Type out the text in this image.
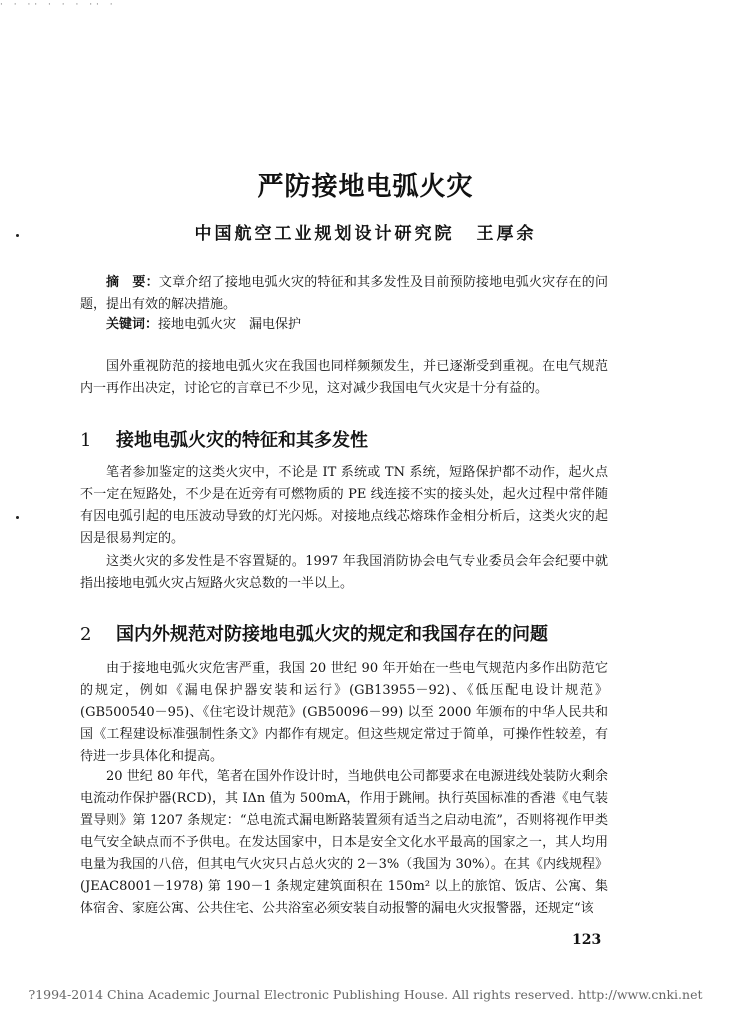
· · ·· · · · ·· ·
严防接地电弧火灾
中国航空工业规划设计研究院 王厚余
摘　要：文章介绍了接地电弧火灾的特征和其多发性及目前预防接地电弧火灾存在的问题，提出有效的解决措施。
关键词：接地电弧火灾　漏电保护
国外重视防范的接地电弧火灾在我国也同样频频发生，并已逐渐受到重视。在电气规范内一再作出决定，讨论它的言章已不少见，这对减少我国电气火灾是十分有益的。
1 接地电弧火灾的特征和其多发性
笔者参加鉴定的这类火灾中，不论是 IT 系统或 TN 系统，短路保护都不动作，起火点不一定在短路处，不少是在近旁有可燃物质的 PE 线连接不实的接头处，起火过程中常伴随有因电弧引起的电压波动导致的灯光闪烁。对接地点线芯熔珠作金相分析后，这类火灾的起因是很易判定的。
这类火灾的多发性是不容置疑的。1997 年我国消防协会电气专业委员会年会纪要中就指出接地电弧火灾占短路火灾总数的一半以上。
2 国内外规范对防接地电弧火灾的规定和我国存在的问题
由于接地电弧火灾危害严重，我国 20 世纪 90 年开始在一些电气规范内多作出防范它的规定，例如《漏电保护器安装和运行》(GB13955－92)、《低压配电设计规范》(GB500540－95)、《住宅设计规范》(GB50096－99) 以至 2000 年颁布的中华人民共和国《工程建设标准强制性条文》内都作有规定。但这些规定常过于简单，可操作性较差，有待进一步具体化和提高。
20 世纪 80 年代，笔者在国外作设计时，当地供电公司都要求在电源进线处装防火剩余电流动作保护器(RCD)，其 IΔn 值为 500mA，作用于跳闸。执行英国标准的香港《电气装置导则》第 1207 条规定：“总电流式漏电断路装置须有适当之启动电流”，否则将视作甲类电气安全缺点而不予供电。在发达国家中，日本是安全文化水平最高的国家之一，其人均用电量为我国的八倍，但其电气火灾只占总火灾的 2－3%（我国为 30%）。在其《内线规程》(JEAC8001－1978) 第 190－1 条规定建筑面积在 150m² 以上的旅馆、饭店、公寓、集体宿舍、家庭公寓、公共住宅、公共浴室必须安装自动报警的漏电火灾报警器，还规定“该
123
?1994-2014 China Academic Journal Electronic Publishing House. All rights reserved. http://www.cnki.net
